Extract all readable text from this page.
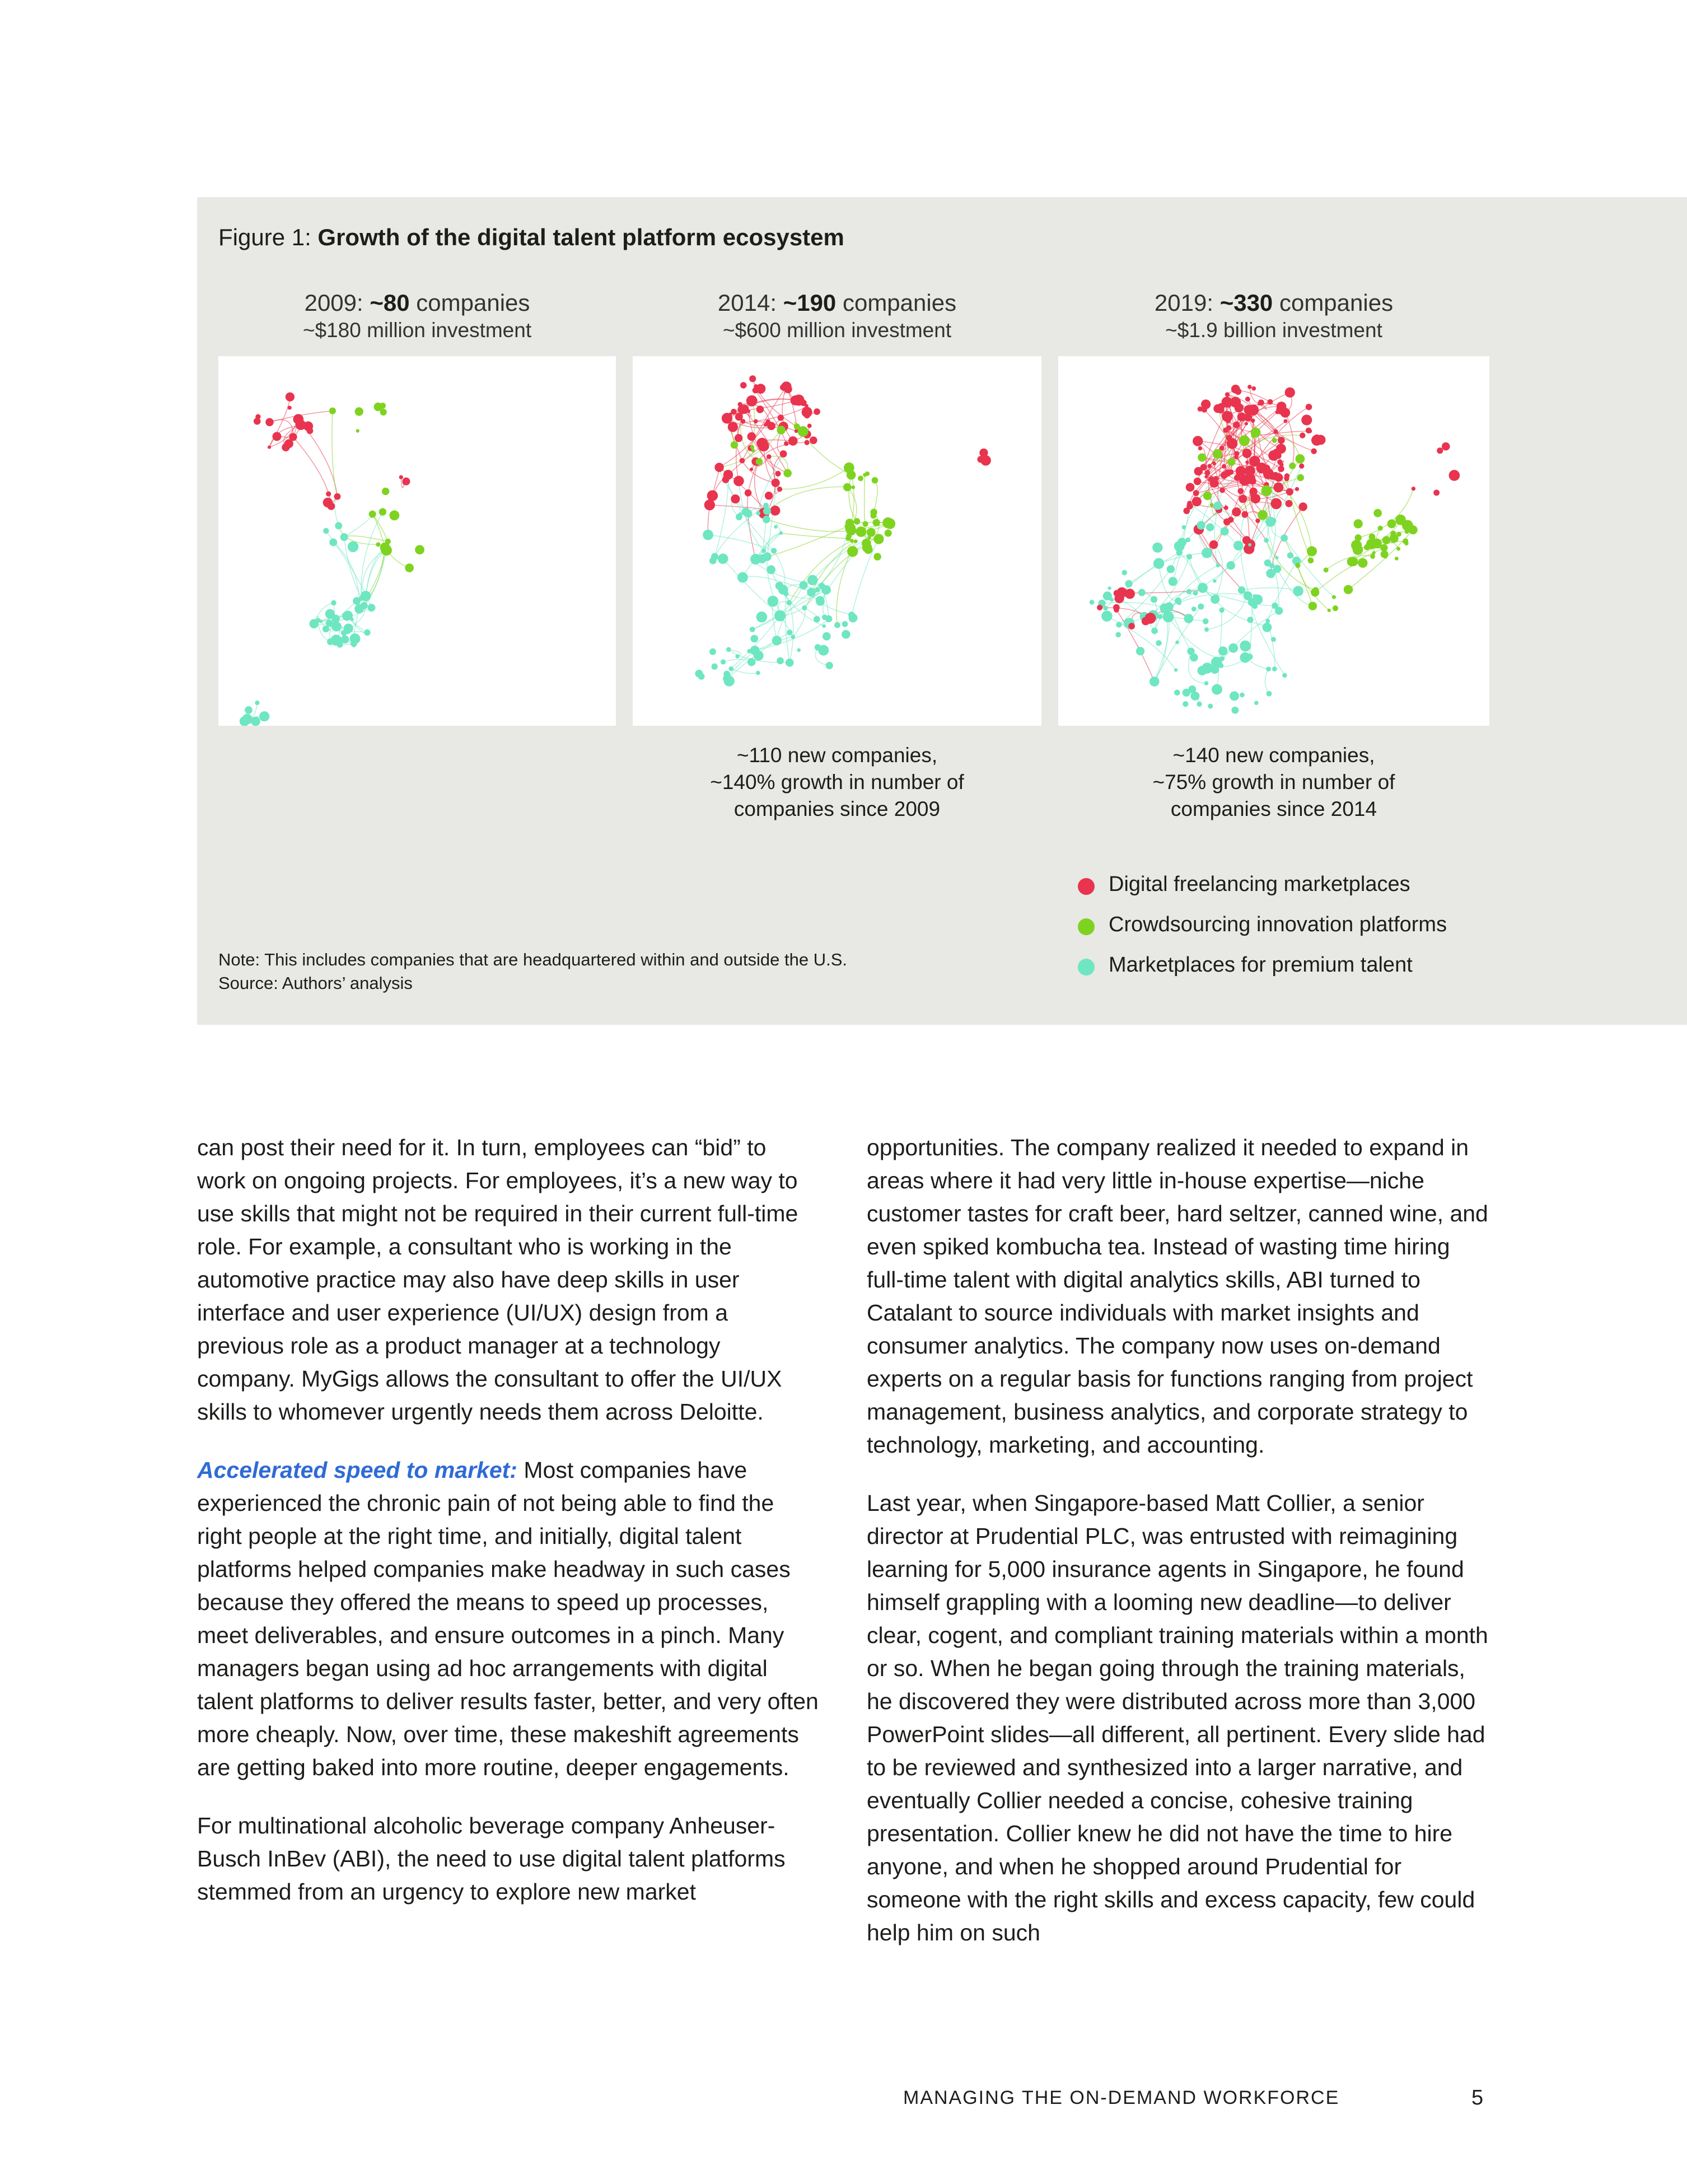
Figure 1: Growth of the digital talent platform ecosystem
2009: ~80 companies
~$180 million investment
2014: ~190 companies
~$600 million investment
2019: ~330 companies
~$1.9 billion investment
~110 new companies,
~140% growth in number of
companies since 2009
~140 new companies,
~75% growth in number of
companies since 2014
Digital freelancing marketplaces
Crowdsourcing innovation platforms
Marketplaces for premium talent
Note: This includes companies that are headquartered within and outside the U.S.
Source: Authors’ analysis

can post their need for it. In turn, employees can “bid” to work on ongoing projects. For employees, it’s a new way to use skills that might not be required in their current full-time role. For example, a consultant who is working in the automotive practice may also have deep skills in user interface and user experience (UI/UX) design from a previous role as a product manager at a technology company. MyGigs allows the consultant to offer the UI/UX skills to whomever urgently needs them across Deloitte.

Accelerated speed to market: Most companies have experienced the chronic pain of not being able to find the right people at the right time, and initially, digital talent platforms helped companies make headway in such cases because they offered the means to speed up processes, meet deliverables, and ensure outcomes in a pinch. Many managers began using ad hoc arrangements with digital talent platforms to deliver results faster, better, and very often more cheaply. Now, over time, these makeshift agreements are getting baked into more routine, deeper engagements.

For multinational alcoholic beverage company Anheuser-Busch InBev (ABI), the need to use digital talent platforms stemmed from an urgency to explore new market

opportunities. The company realized it needed to expand in areas where it had very little in-house expertise—niche customer tastes for craft beer, hard seltzer, canned wine, and even spiked kombucha tea. Instead of wasting time hiring full-time talent with digital analytics skills, ABI turned to Catalant to source individuals with market insights and consumer analytics. The company now uses on-demand experts on a regular basis for functions ranging from project management, business analytics, and corporate strategy to technology, marketing, and accounting.

Last year, when Singapore-based Matt Collier, a senior director at Prudential PLC, was entrusted with reimagining learning for 5,000 insurance agents in Singapore, he found himself grappling with a looming new deadline—to deliver clear, cogent, and compliant training materials within a month or so. When he began going through the training materials, he discovered they were distributed across more than 3,000 PowerPoint slides—all different, all pertinent. Every slide had to be reviewed and synthesized into a larger narrative, and eventually Collier needed a concise, cohesive training presentation. Collier knew he did not have the time to hire anyone, and when he shopped around Prudential for someone with the right skills and excess capacity, few could help him on such

MANAGING THE ON-DEMAND WORKFORCE	5
